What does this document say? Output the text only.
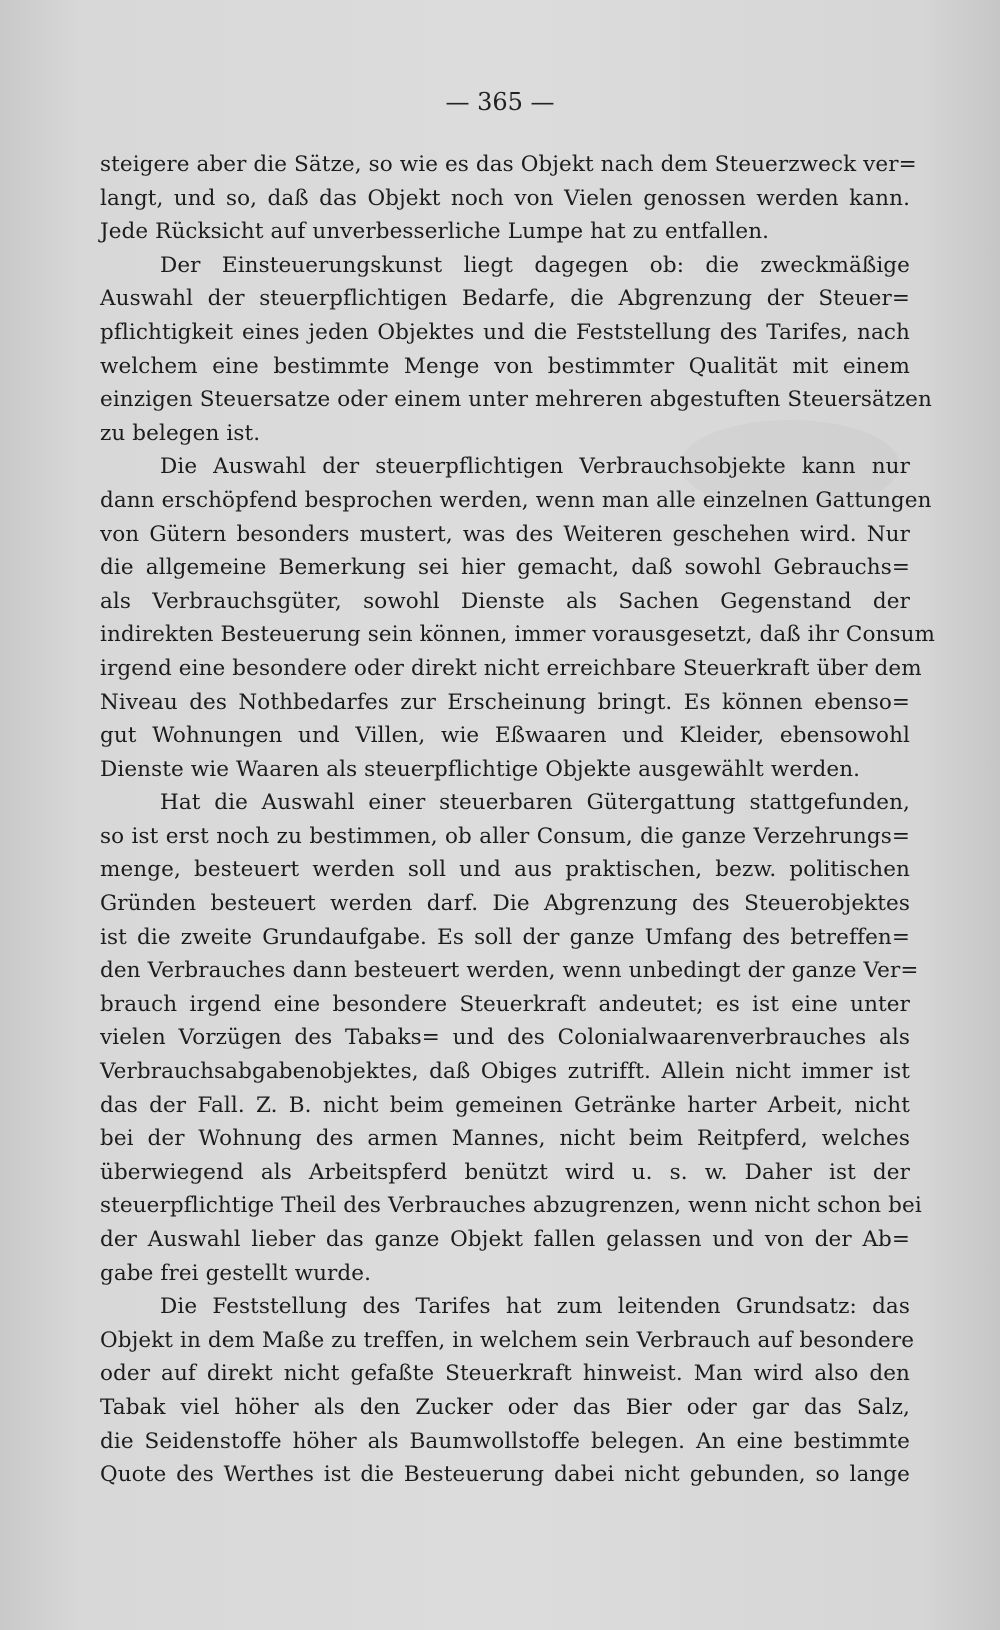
— 365 —
steigere aber die Sätze, so wie es das Objekt nach dem Steuerzweck ver=
langt, und so, daß das Objekt noch von Vielen genossen werden kann.
Jede Rücksicht auf unverbesserliche Lumpe hat zu entfallen.
Der Einsteuerungskunst liegt dagegen ob: die zweckmäßige
Auswahl der steuerpflichtigen Bedarfe, die Abgrenzung der Steuer=
pflichtigkeit eines jeden Objektes und die Feststellung des Tarifes, nach
welchem eine bestimmte Menge von bestimmter Qualität mit einem
einzigen Steuersatze oder einem unter mehreren abgestuften Steuersätzen
zu belegen ist.
Die Auswahl der steuerpflichtigen Verbrauchsobjekte kann nur
dann erschöpfend besprochen werden, wenn man alle einzelnen Gattungen
von Gütern besonders mustert, was des Weiteren geschehen wird. Nur
die allgemeine Bemerkung sei hier gemacht, daß sowohl Gebrauchs=
als Verbrauchsgüter, sowohl Dienste als Sachen Gegenstand der
indirekten Besteuerung sein können, immer vorausgesetzt, daß ihr Consum
irgend eine besondere oder direkt nicht erreichbare Steuerkraft über dem
Niveau des Nothbedarfes zur Erscheinung bringt. Es können ebenso=
gut Wohnungen und Villen, wie Eßwaaren und Kleider, ebensowohl
Dienste wie Waaren als steuerpflichtige Objekte ausgewählt werden.
Hat die Auswahl einer steuerbaren Gütergattung stattgefunden,
so ist erst noch zu bestimmen, ob aller Consum, die ganze Verzehrungs=
menge, besteuert werden soll und aus praktischen, bezw. politischen
Gründen besteuert werden darf. Die Abgrenzung des Steuerobjektes
ist die zweite Grundaufgabe. Es soll der ganze Umfang des betreffen=
den Verbrauches dann besteuert werden, wenn unbedingt der ganze Ver=
brauch irgend eine besondere Steuerkraft andeutet; es ist eine unter
vielen Vorzügen des Tabaks= und des Colonialwaarenverbrauches als
Verbrauchsabgabenobjektes, daß Obiges zutrifft. Allein nicht immer ist
das der Fall. Z. B. nicht beim gemeinen Getränke harter Arbeit, nicht
bei der Wohnung des armen Mannes, nicht beim Reitpferd, welches
überwiegend als Arbeitspferd benützt wird u. s. w. Daher ist der
steuerpflichtige Theil des Verbrauches abzugrenzen, wenn nicht schon bei
der Auswahl lieber das ganze Objekt fallen gelassen und von der Ab=
gabe frei gestellt wurde.
Die Feststellung des Tarifes hat zum leitenden Grundsatz: das
Objekt in dem Maße zu treffen, in welchem sein Verbrauch auf besondere
oder auf direkt nicht gefaßte Steuerkraft hinweist. Man wird also den
Tabak viel höher als den Zucker oder das Bier oder gar das Salz,
die Seidenstoffe höher als Baumwollstoffe belegen. An eine bestimmte
Quote des Werthes ist die Besteuerung dabei nicht gebunden, so lange
